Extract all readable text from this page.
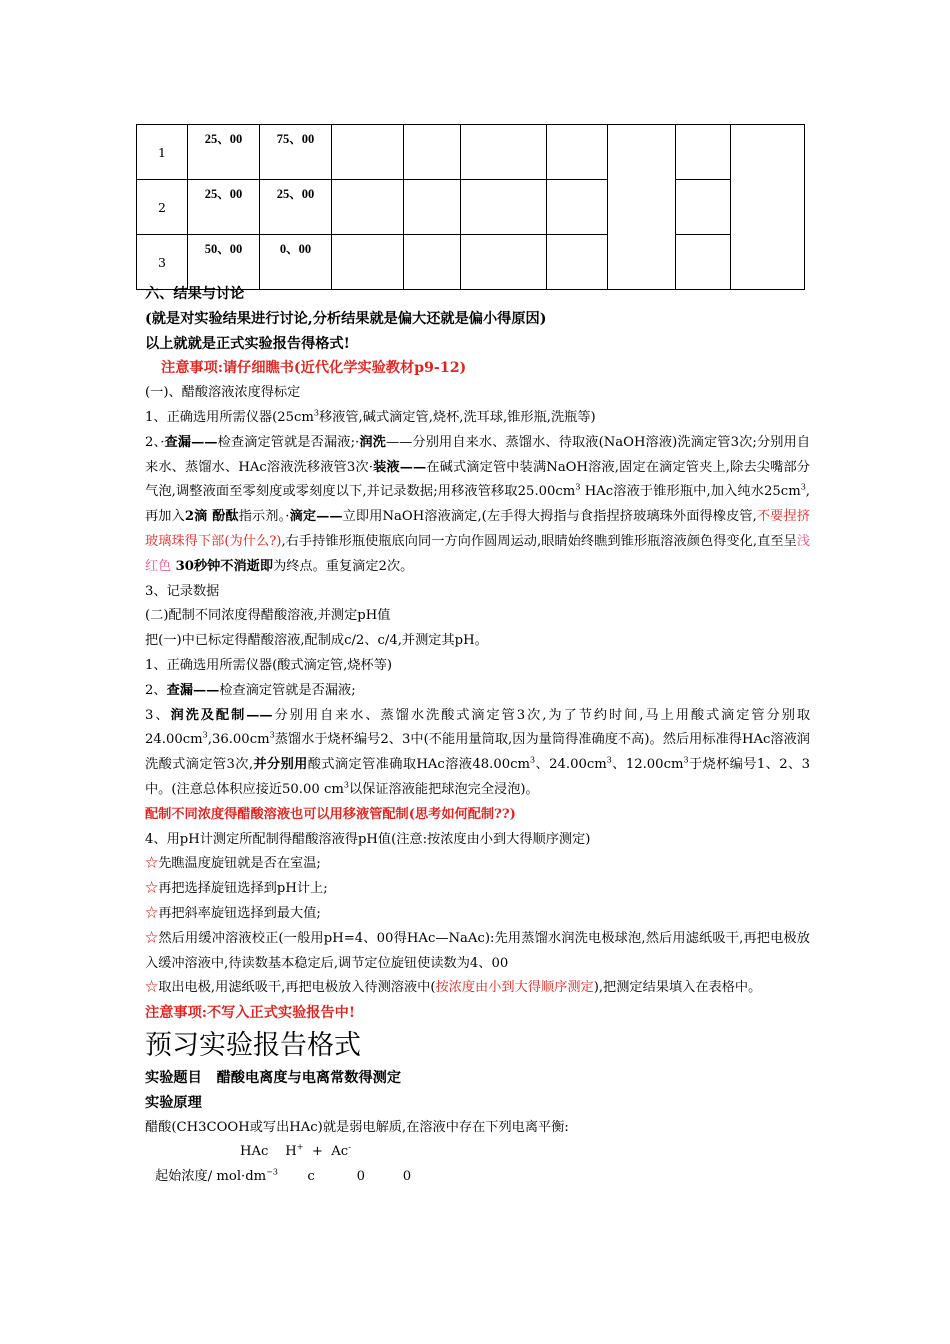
1	25、00	75、00							
2	25、00	25、00							
3	50、00	0、00							

六、结果与讨论

(就是对实验结果进行讨论,分析结果就是偏大还就是偏小得原因)

以上就就是正式实验报告得格式!

注意事项:请仔细瞧书(近代化学实验教材p9-12)

(一)、醋酸溶液浓度得标定

1、正确选用所需仪器($25cm^3$移液管,碱式滴定管,烧杯,洗耳球,锥形瓶,洗瓶等)

2、·查漏——检查滴定管就是否漏液;·润洗——分别用自来水、蒸馏水、待取液(NaOH溶液)洗滴定管3次;分别用自来水、蒸馏水、HAc溶液洗移液管3次·装液——在碱式滴定管中装满NaOH溶液,固定在滴定管夹上,除去尖嘴部分气泡,调整液面至零刻度或零刻度以下,并记录数据;用移液管移取$25.00cm^3$ HAc溶液于锥形瓶中,加入纯水$25cm^3$,再加入2滴 酚酞指示剂。·滴定——立即用NaOH溶液滴定,(左手得大拇指与食指捏挤玻璃珠外面得橡皮管,不要捏挤玻璃珠得下部(为什么?),右手持锥形瓶使瓶底向同一方向作圆周运动,眼睛始终瞧到锥形瓶溶液颜色得变化,直至呈浅红色 30秒钟不消逝即为终点。重复滴定2次。

3、记录数据

(二)配制不同浓度得醋酸溶液,并测定pH值

把(一)中已标定得醋酸溶液,配制成c/2、c/4,并测定其pH。

1、正确选用所需仪器(酸式滴定管,烧杯等)

2、查漏——检查滴定管就是否漏液;

3、润洗及配制——分别用自来水、蒸馏水洗酸式滴定管3次,为了节约时间,马上用酸式滴定管分别取$24.00cm^3,36.00cm^3$蒸馏水于烧杯编号2、3中(不能用量筒取,因为量筒得准确度不高)。然后用标准得HAc溶液润洗酸式滴定管3次,并分别用酸式滴定管准确取HAc溶液$48.00cm^3$、$24.00cm^3$、$12.00cm^3$于烧杯编号1、2、3中。(注意总体积应接近50.00 $cm^3$以保证溶液能把球泡完全浸泡)。

配制不同浓度得醋酸溶液也可以用移液管配制(思考如何配制??)

4、用pH计测定所配制得醋酸溶液得pH值(注意:按浓度由小到大得顺序测定)

☆先瞧温度旋钮就是否在室温;

☆再把选择旋钮选择到pH计上;

☆再把斜率旋钮选择到最大值;

☆然后用缓冲溶液校正(一般用pH=4、00得HAc—NaAc):先用蒸馏水润洗电极球泡,然后用滤纸吸干,再把电极放入缓冲溶液中,待读数基本稳定后,调节定位旋钮使读数为4、00

☆取出电极,用滤纸吸干,再把电极放入待测溶液中(按浓度由小到大得顺序测定),把测定结果填入在表格中。

注意事项:不写入正式实验报告中!

预习实验报告格式

实验题目 醋酸电离度与电离常数得测定

实验原理

醋酸(CH3COOH或写出HAc)就是弱电解质,在溶液中存在下列电离平衡:

HAc H+ + Ac-

起始浓度/ $mol\cdot dm^{-3}$ c	0	0
